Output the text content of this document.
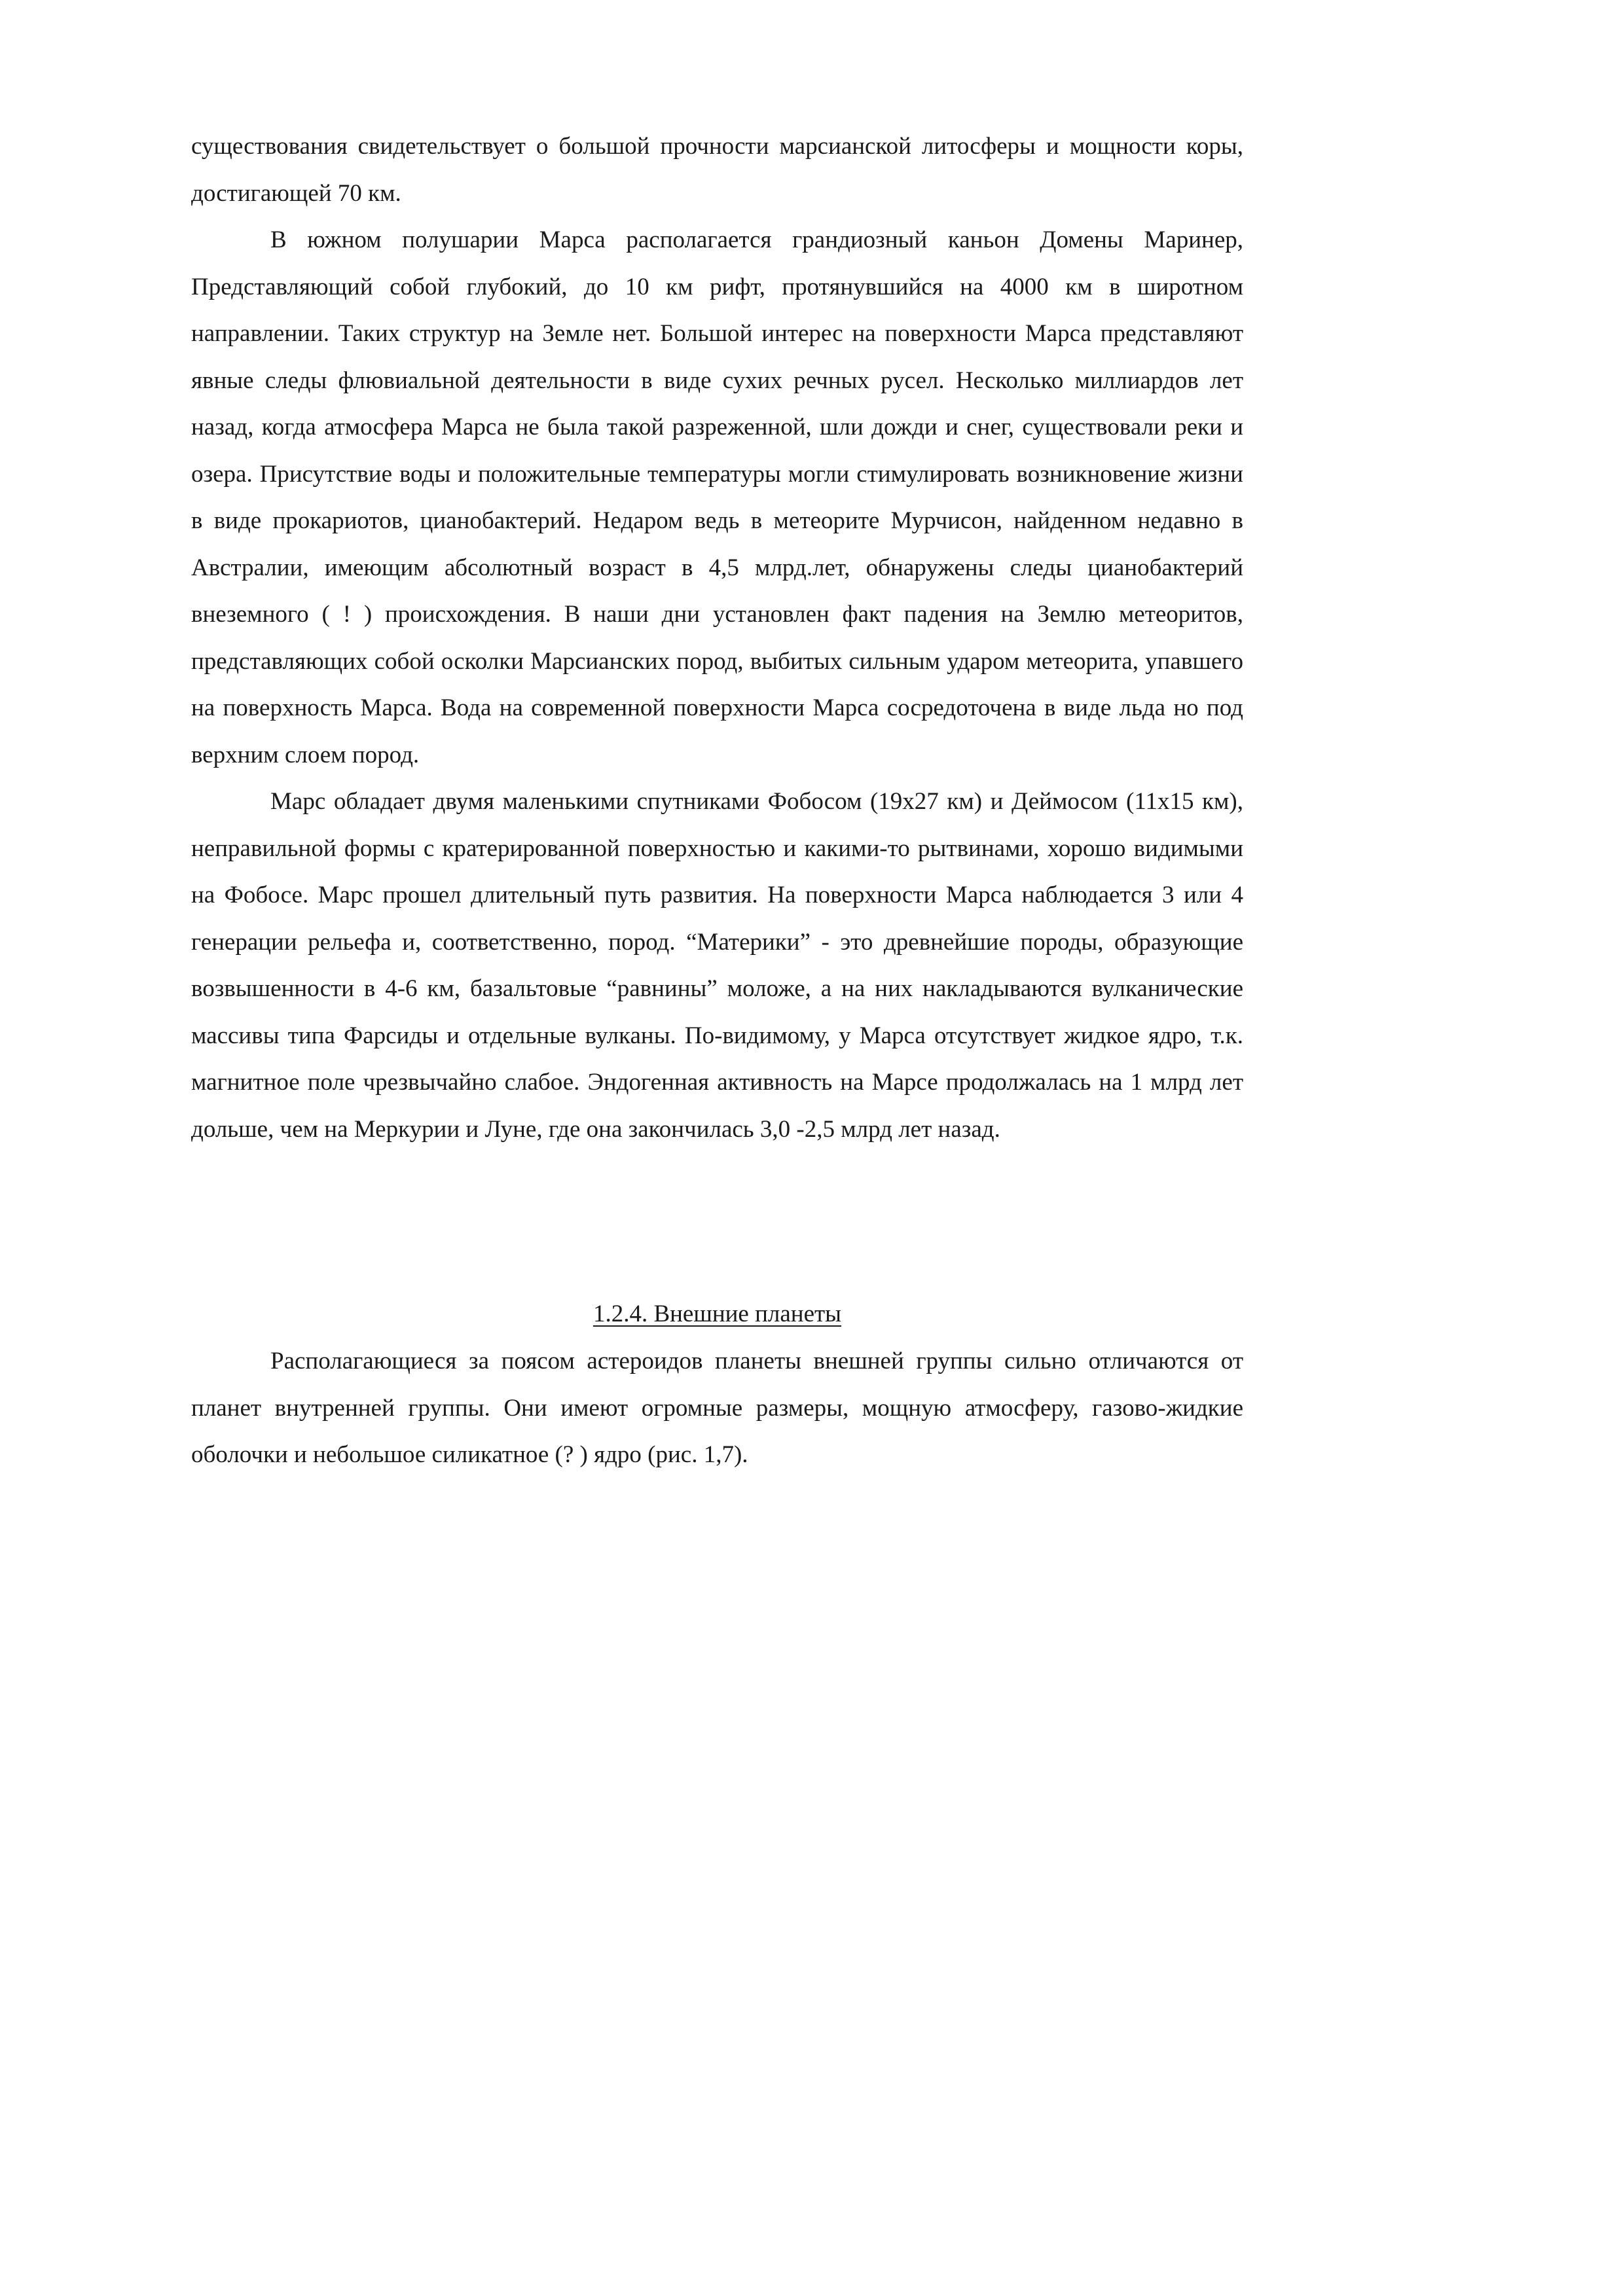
существования свидетельствует о большой прочности марсианской литосферы и мощности коры, достигающей 70 км.

В южном полушарии Марса располагается грандиозный каньон Домены Маринер, Представляющий собой глубокий, до 10 км рифт, протянувшийся на 4000 км в широтном направлении. Таких структур на Земле нет. Большой интерес на поверхности Марса представляют явные следы флювиальной деятельности в виде сухих речных русел. Несколько миллиардов лет назад, когда атмосфера Марса не была такой разреженной, шли дожди и снег, существовали реки и озера. Присутствие воды и положительные температуры могли стимулировать возникновение жизни в виде прокариотов, цианобактерий. Недаром ведь в метеорите Мурчисон, найденном недавно в Австралии, имеющим абсолютный возраст в 4,5 млрд.лет, обнаружены следы цианобактерий внеземного ( ! ) происхождения. В наши дни установлен факт падения на Землю метеоритов, представляющих собой осколки Марсианских пород, выбитых сильным ударом метеорита, упавшего на поверхность Марса. Вода на современной поверхности Марса сосредоточена в виде льда но под верхним слоем пород.

Марс обладает двумя маленькими спутниками Фобосом (19х27 км) и Деймосом (11х15 км), неправильной формы с кратерированной поверхностью и какими-то рытвинами, хорошо видимыми на Фобосе. Марс прошел длительный путь развития. На поверхности Марса наблюдается 3 или 4 генерации рельефа и, соответственно, пород. “Материки” - это древнейшие породы, образующие возвышенности в 4-6 км, базальтовые “равнины” моложе, а на них накладываются вулканические массивы типа Фарсиды и отдельные вулканы. По-видимому, у Марса отсутствует жидкое ядро, т.к. магнитное поле чрезвычайно слабое. Эндогенная активность на Марсе продолжалась на 1 млрд лет дольше, чем на Меркурии и Луне, где она закончилась 3,0 -2,5 млрд лет назад.

1.2.4. Внешние планеты

Располагающиеся за поясом астероидов планеты внешней группы сильно отличаются от планет внутренней группы. Они имеют огромные размеры, мощную атмосферу, газово-жидкие оболочки и небольшое силикатное (? ) ядро (рис. 1,7).
